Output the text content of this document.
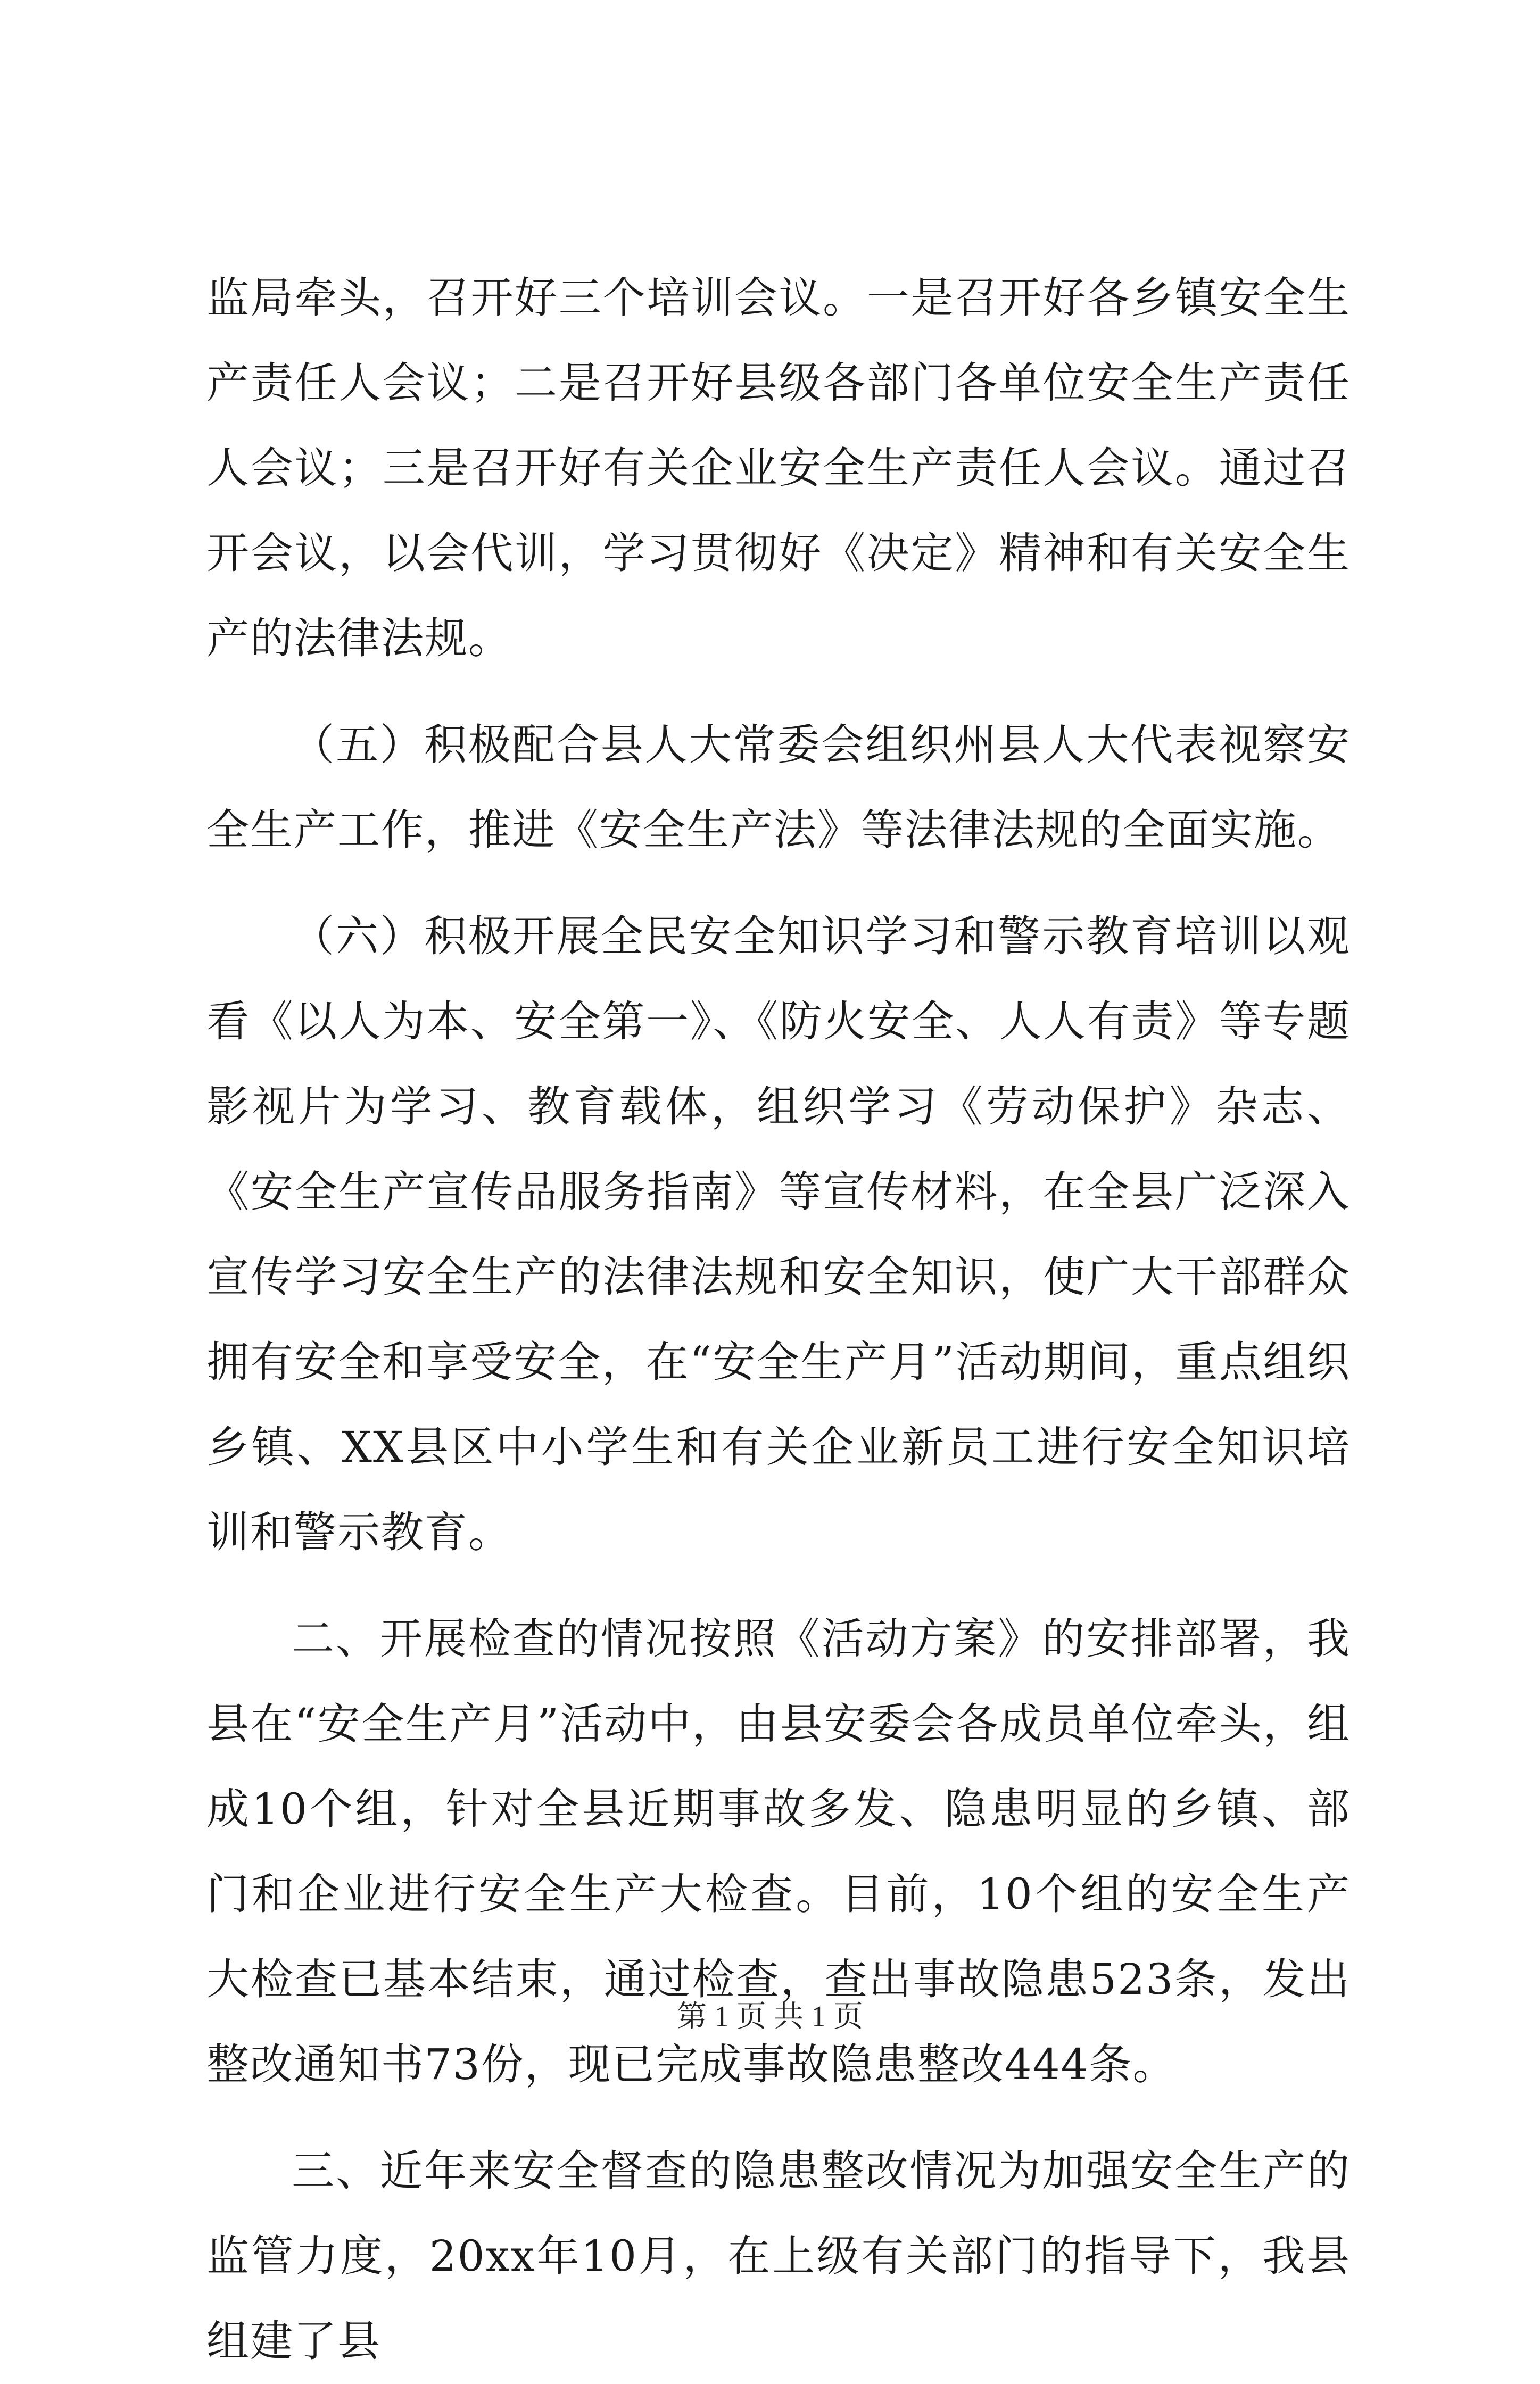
监局牵头，召开好三个培训会议。一是召开好各乡镇安全生产责任人会议；二是召开好县级各部门各单位安全生产责任人会议；三是召开好有关企业安全生产责任人会议。通过召开会议，以会代训，学习贯彻好《决定》精神和有关安全生产的法律法规。

（五）积极配合县人大常委会组织州县人大代表视察安全生产工作，推进《安全生产法》等法律法规的全面实施。

（六）积极开展全民安全知识学习和警示教育培训以观看《以人为本、安全第一》、《防火安全、人人有责》等专题影视片为学习、教育载体，组织学习《劳动保护》杂志、《安全生产宣传品服务指南》等宣传材料，在全县广泛深入宣传学习安全生产的法律法规和安全知识，使广大干部群众拥有安全和享受安全，在“安全生产月”活动期间，重点组织乡镇、XX县区中小学生和有关企业新员工进行安全知识培训和警示教育。

二、开展检查的情况按照《活动方案》的安排部署，我县在“安全生产月”活动中，由县安委会各成员单位牵头，组成10个组，针对全县近期事故多发、隐患明显的乡镇、部门和企业进行安全生产大检查。目前，10个组的安全生产大检查已基本结束，通过检查，查出事故隐患523条，发出整改通知书73份，现已完成事故隐患整改444条。

三、近年来安全督查的隐患整改情况为加强安全生产的监管力度，20xx年10月，在上级有关部门的指导下，我县组建了县

第 1 页 共 1 页
